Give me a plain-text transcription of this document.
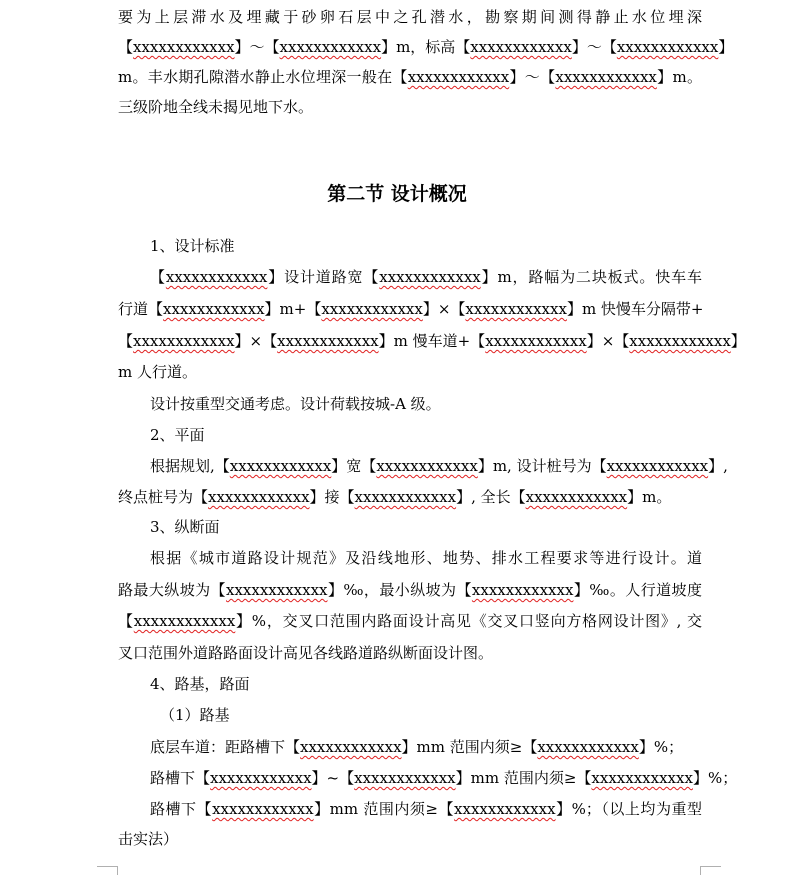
要为上层滞水及埋藏于砂卵石层中之孔潜水，勘察期间测得静止水位埋深
【xxxxxxxxxxxx】～【xxxxxxxxxxxx】m，标高【xxxxxxxxxxxx】～【xxxxxxxxxxxx】
m。丰水期孔隙潜水静止水位埋深一般在【xxxxxxxxxxxx】～【xxxxxxxxxxxx】m。
三级阶地全线未揭见地下水。
第二节 设计概况
1、设计标准
【xxxxxxxxxxxx】设计道路宽【xxxxxxxxxxxx】m，路幅为二块板式。快车车
行道【xxxxxxxxxxxx】m+【xxxxxxxxxxxx】×【xxxxxxxxxxxx】m 快慢车分隔带+
【xxxxxxxxxxxx】×【xxxxxxxxxxxx】m 慢车道+【xxxxxxxxxxxx】×【xxxxxxxxxxxx】
m 人行道。
设计按重型交通考虑。设计荷载按城-A 级。
2、平面
根据规划,【xxxxxxxxxxxx】宽【xxxxxxxxxxxx】m, 设计桩号为【xxxxxxxxxxxx】,
终点桩号为【xxxxxxxxxxxx】接【xxxxxxxxxxxx】, 全长【xxxxxxxxxxxx】m。
3、纵断面
根据《城市道路设计规范》及沿线地形、地势、排水工程要求等进行设计。道
路最大纵坡为【xxxxxxxxxxxx】‰，最小纵坡为【xxxxxxxxxxxx】‰。人行道坡度
【xxxxxxxxxxxx】%，交叉口范围内路面设计高见《交叉口竖向方格网设计图》, 交
叉口范围外道路路面设计高见各线路道路纵断面设计图。
4、路基，路面
（1）路基
底层车道：距路槽下【xxxxxxxxxxxx】mm 范围内须≥【xxxxxxxxxxxx】%；
路槽下【xxxxxxxxxxxx】~【xxxxxxxxxxxx】mm 范围内须≥【xxxxxxxxxxxx】%；
路槽下【xxxxxxxxxxxx】mm 范围内须≥【xxxxxxxxxxxx】%；（以上均为重型
击实法）
